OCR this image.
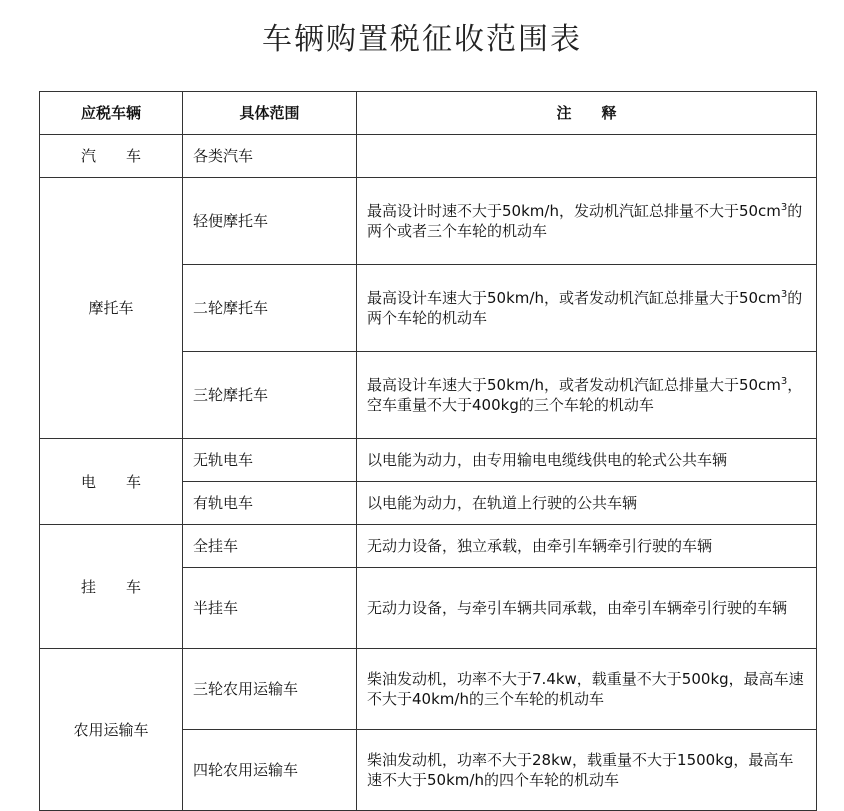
车辆购置税征收范围表
应税车辆	具体范围	注　　释
汽　　车	各类汽车	
摩托车	轻便摩托车	最高设计时速不大于50km/h，发动机汽缸总排量不大于$50cm^3$的两个或者三个车轮的机动车
	二轮摩托车	最高设计车速大于50km/h，或者发动机汽缸总排量大于$50cm^3$的两个车轮的机动车
	三轮摩托车	最高设计车速大于50km/h，或者发动机汽缸总排量大于$50cm^3$，空车重量不大于400kg的三个车轮的机动车
电　　车	无轨电车	以电能为动力，由专用输电电缆线供电的轮式公共车辆
	有轨电车	以电能为动力，在轨道上行驶的公共车辆
挂　　车	全挂车	无动力设备，独立承载，由牵引车辆牵引行驶的车辆
	半挂车	无动力设备，与牵引车辆共同承载，由牵引车辆牵引行驶的车辆
农用运输车	三轮农用运输车	柴油发动机，功率不大于7.4kw，载重量不大于500kg，最高车速不大于40km/h的三个车轮的机动车
	四轮农用运输车	柴油发动机，功率不大于28kw，载重量不大于1500kg，最高车速不大于50km/h的四个车轮的机动车
